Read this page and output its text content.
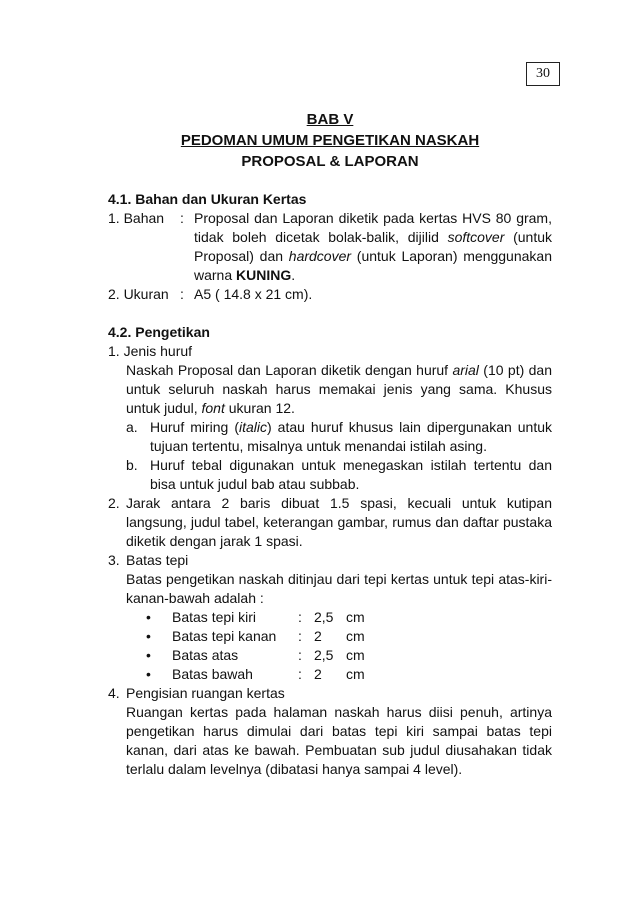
30
BAB V
PEDOMAN UMUM PENGETIKAN NASKAH
PROPOSAL & LAPORAN
4.1. Bahan dan Ukuran Kertas
1. Bahan	: Proposal dan Laporan diketik pada kertas HVS 80 gram, tidak boleh dicetak bolak-balik, dijilid softcover (untuk Proposal) dan hardcover (untuk Laporan) menggunakan warna KUNING.
2. Ukuran : A5 ( 14.8 x 21 cm).
4.2. Pengetikan
1. Jenis huruf
Naskah Proposal dan Laporan diketik dengan huruf arial (10 pt) dan untuk seluruh naskah harus memakai jenis yang sama. Khusus untuk judul, font ukuran 12.
a. Huruf miring (italic) atau huruf khusus lain dipergunakan untuk tujuan tertentu, misalnya untuk menandai istilah asing.
b. Huruf tebal digunakan untuk menegaskan istilah tertentu dan bisa untuk judul bab atau subbab.
2. Jarak antara 2 baris dibuat 1.5 spasi, kecuali untuk kutipan langsung, judul tabel, keterangan gambar, rumus dan daftar pustaka diketik dengan jarak 1 spasi.
3. Batas tepi
Batas pengetikan naskah ditinjau dari tepi kertas untuk tepi atas-kiri-kanan-bawah adalah :
•	Batas tepi kiri	: 2,5 cm
•	Batas tepi kanan	: 2	cm
•	Batas atas	: 2,5 cm
•	Batas bawah	: 2	cm
4. Pengisian ruangan kertas
Ruangan kertas pada halaman naskah harus diisi penuh, artinya pengetikan harus dimulai dari batas tepi kiri sampai batas tepi kanan, dari atas ke bawah. Pembuatan sub judul diusahakan tidak terlalu dalam levelnya (dibatasi hanya sampai 4 level).
